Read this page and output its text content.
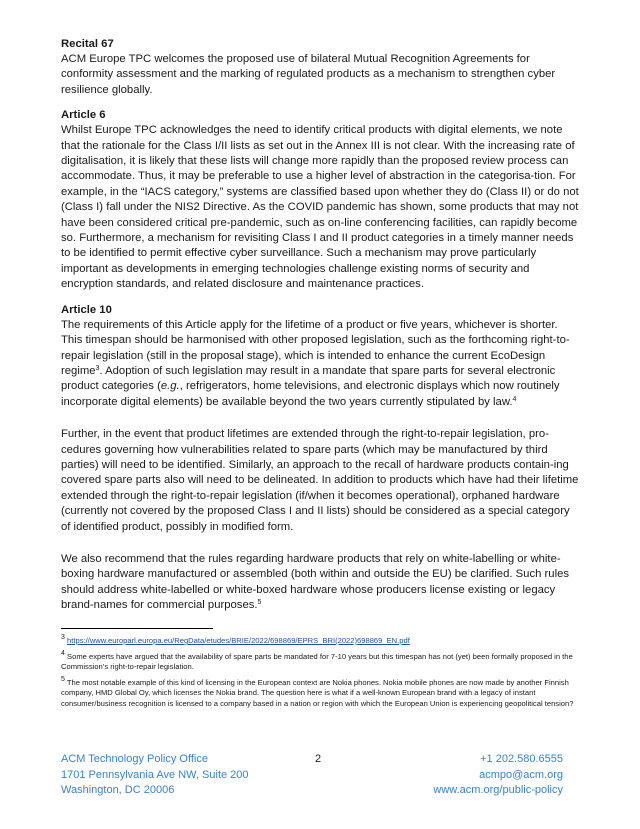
Recital 67

ACM Europe TPC welcomes the proposed use of bilateral Mutual Recognition Agreements for conformity assessment and the marking of regulated products as a mechanism to strengthen cyber resilience globally.

Article 6

Whilst Europe TPC acknowledges the need to identify critical products with digital elements, we note that the rationale for the Class I/II lists as set out in the Annex III is not clear. With the increasing rate of digitalisation, it is likely that these lists will change more rapidly than the proposed review process can accommodate. Thus, it may be preferable to use a higher level of abstraction in the categorisa-tion. For example, in the “IACS category,” systems are classified based upon whether they do (Class II) or do not (Class I) fall under the NIS2 Directive. As the COVID pandemic has shown, some products that may not have been considered critical pre-pandemic, such as on-line conferencing facilities, can rapidly become so. Furthermore, a mechanism for revisiting Class I and II product categories in a timely manner needs to be identified to permit effective cyber surveillance. Such a mechanism may prove particularly important as developments in emerging technologies challenge existing norms of security and encryption standards, and related disclosure and maintenance practices.

Article 10

The requirements of this Article apply for the lifetime of a product or five years, whichever is shorter. This timespan should be harmonised with other proposed legislation, such as the forthcoming right-to-repair legislation (still in the proposal stage), which is intended to enhance the current EcoDesign regime$^3$. Adoption of such legislation may result in a mandate that spare parts for several electronic product categories (e.g., refrigerators, home televisions, and electronic displays which now routinely incorporate digital elements) be available beyond the two years currently stipulated by law.$^4$

Further, in the event that product lifetimes are extended through the right-to-repair legislation, pro-cedures governing how vulnerabilities related to spare parts (which may be manufactured by third parties) will need to be identified. Similarly, an approach to the recall of hardware products contain-ing covered spare parts also will need to be delineated. In addition to products which have had their lifetime extended through the right-to-repair legislation (if/when it becomes operational), orphaned hardware (currently not covered by the proposed Class I and II lists) should be considered as a special category of identified product, possibly in modified form.

We also recommend that the rules regarding hardware products that rely on white-labelling or white-boxing hardware manufactured or assembled (both within and outside the EU) be clarified. Such rules should address white-labelled or white-boxed hardware whose producers license existing or legacy brand-names for commercial purposes.$^5$

$^3$ https://www.europarl.europa.eu/RegData/etudes/BRIE/2022/698869/EPRS_BRI(2022)698869_EN.pdf
$^4$ Some experts have argued that the availability of spare parts be mandated for 7-10 years but this timespan has not (yet) been formally proposed in the Commission’s right-to-repair legislation.
$^5$ The most notable example of this kind of licensing in the European context are Nokia phones. Nokia mobile phones are now made by another Finnish company, HMD Global Oy, which licenses the Nokia brand. The question here is what if a well-known European brand with a legacy of instant consumer/business recognition is licensed to a company based in a nation or region with which the European Union is experiencing geopolitical tension?
ACM Technology Policy Office
1701 Pennsylvania Ave NW, Suite 200
Washington, DC 20006
2	+1 202.580.6555
acmpo@acm.org
www.acm.org/public-policy
